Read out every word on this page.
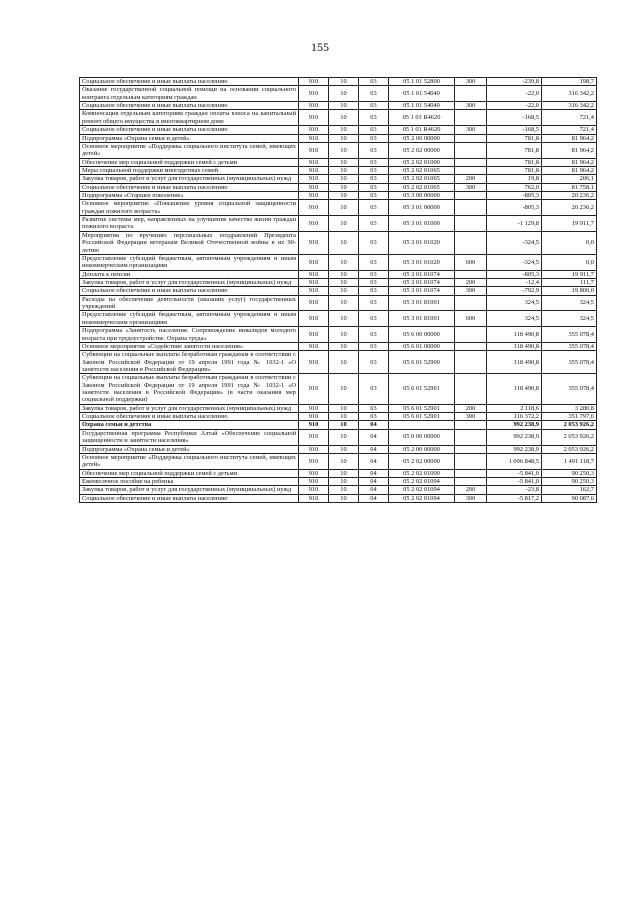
155
Социальное обеспечение и иные выплаты населению	910	10	03	05 1 01 52800	300	-239,8	198,7
Оказание государственной социальной помощи на основании социального контракта отдельным категориям граждан	910	10	03	05 1 01 54040		-22,0	316 342,2
Социальное обеспечение и иные выплаты населению	910	10	03	05 1 01 54040	300	-22,0	316 342,2
Компенсация отдельным категориям граждан оплаты взноса на капитальный ремонт общего имущества в многоквартирном доме	910	10	03	05 1 01 R4620		-168,5	721,4
Социальное обеспечение и иные выплаты населению	910	10	03	05 1 01 R4620	300	-168,5	721,4
Подпрограмма «Охрана семьи и детей»	910	10	03	05 2 00 00000		781,8	81 964,2
Основное мероприятие «Поддержка социального института семей, имеющих детей»	910	10	03	05 2 02 00000		781,8	81 964,2
Обеспечение мер социальной поддержки семей с детьми	910	10	03	05 2 02 01000		781,8	81 964,2
Меры социальной поддержки многодетных семей	910	10	03	05 2 02 01065		781,8	81 964,2
Закупка товаров, работ и услуг для государственных (муниципальных) нужд	910	10	03	05 2 02 01065	200	19,8	206,1
Социальное обеспечение и иные выплаты населению	910	10	03	05 2 02 01065	300	762,0	81 758,1
Подпрограмма «Старшее поколение»	910	10	03	05 3 00 00000		-805,3	20 236,2
Основное мероприятие «Повышение уровня социальной защищенности граждан пожилого возраста»	910	10	03	05 3 01 00000		-805,3	20 236,2
Развитие системы мер, направленных на улучшение качества жизни граждан пожилого возраста	910	10	03	05 3 01 01000		-1 129,8	19 911,7
Мероприятия по вручению персональных поздравлений Президента Российской Федерации ветеранам Великой Отечественной войны в их 90-летию	910	10	03	05 3 01 01020		-324,5	0,0
Предоставление субсидий бюджетным, автономным учреждениям и иным некоммерческим организациям	910	10	03	05 3 01 01020	600	-324,5	0,0
Доплата к пенсии	910	10	03	05 3 01 01074		-805,3	19 911,7
Закупка товаров, работ и услуг для государственных (муниципальных) нужд	910	10	03	05 3 01 01074	200	-12,4	111,7
Социальное обеспечение и иные выплаты населению	910	10	03	05 3 01 01074	300	-792,9	19 800,0
Расходы на обеспечение деятельности (оказание услуг) государственных учреждений	910	10	03	05 3 01 81001		324,5	324,5
Предоставление субсидий бюджетным, автономным учреждениям и иным некоммерческим организациям	910	10	03	05 3 01 81001	600	324,5	324,5
Подпрограмма «Занятость населения. Сопровождение инвалидов молодого возраста при трудоустройстве. Охрана труда»	910	10	03	05 6 00 00000		118 490,8	355 078,4
Основное мероприятие «Содействие занятости населения»	910	10	03	05 6 01 00000		118 490,8	355 078,4
Субвенции на социальные выплаты безработным гражданам в соответствии с Законом Российской Федерации от 19 апреля 1991 года № 1032-1 «О занятости населения в Российской Федерации»	910	10	03	05 6 01 52900		118 490,8	355 078,4
Субвенции на социальные выплаты безработным гражданам в соответствии с Законом Российской Федерации от 19 апреля 1991 года № 1032-1 «О занятости населения в Российской Федерации» (в части оказания мер социальной поддержки)	910	10	03	05 6 01 52901		118 490,8	355 078,4
Закупка товаров, работ и услуг для государственных (муниципальных) нужд	910	10	03	05 6 01 52901	200	2 118,6	3 280,8
Социальное обеспечение и иные выплаты населению	910	10	03	05 6 01 52901	300	116 372,2	351 797,6
Охрана семьи и детства	910	10	04			992 238,9	2 053 926,2
Государственная программа Республики Алтай «Обеспечение социальной защищенности и занятости населения»	910	10	04	05 0 00 00000		992 238,9	2 053 926,2
Подпрограмма «Охрана семьи и детей»	910	10	04	05 2 00 00000		992 238,9	2 053 926,2
Основное мероприятие «Поддержка социального института семей, имеющих детей»	910	10	04	05 2 02 00000		1 096 848,5	1 491 118,7
Обеспечение мер социальной поддержки семей с детьми	910	10	04	05 2 02 01000		-5 841,0	90 250,3
Ежемесячное пособие на ребенка	910	10	04	05 2 02 01094		-5 841,0	90 250,3
Закупка товаров, работ и услуг для государственных (муниципальных) нужд	910	10	04	05 2 02 01094	200	-23,8	162,7
Социальное обеспечение и иные выплаты населению	910	10	04	05 2 02 01094	300	-5 817,2	90 087,6
